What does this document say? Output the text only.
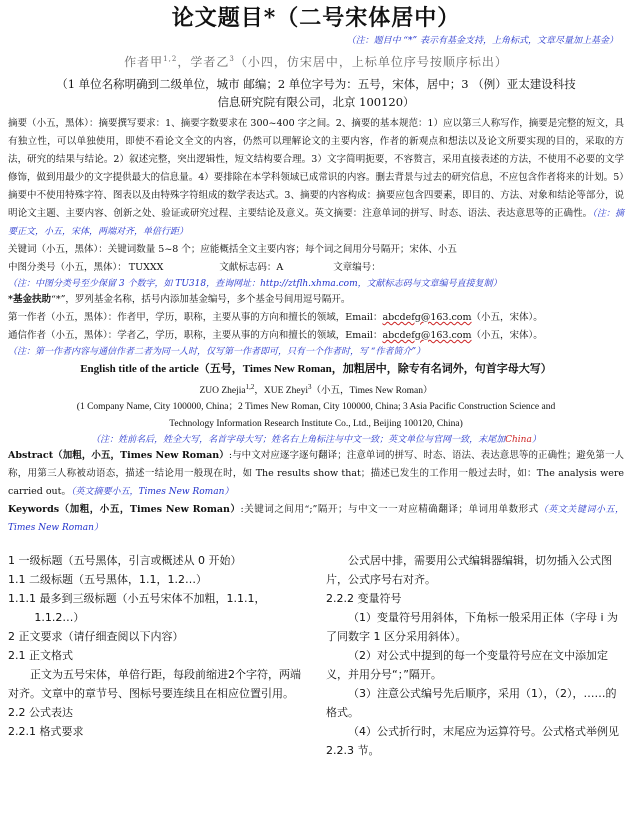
论文题目*（二号宋体居中）
（注：题目中 “*” 表示有基金支持，上角标式，文章尽量加上基金）
作者甲$^{1,2}$，学者乙$^3$（小四，仿宋居中，上标单位序号按顺序标出）
（1 单位名称明确到二级单位，城市 邮编；2 单位字号为：五号，宋体，居中；3 （例）亚太建设科技
信息研究院有限公司，北京 100120）
摘要（小五，黑体）：摘要撰写要求：1、摘要字数要求在 300~400 字之间。2、摘要的基本规范：1）应以第三人称写作，摘要是完整的短文，具有独立性，可以单独使用，即使不看论文全文的内容，仍然可以理解论文的主要内容，作者的新观点和想法以及论文所要实现的目的，采取的方法，研究的结果与结论。2）叙述完整，突出逻辑性，短文结构要合理。3）文字简明扼要，不容赘言，采用直接表述的方法，不使用不必要的文学修饰，做到用最少的文字提供最大的信息量。4）要排除在本学科领域已成常识的内容。删去背景与过去的研究信息，不应包含作者将来的计划。5）摘要中不使用特殊字符、图表以及由特殊字符组成的数学表达式。3、摘要的内容构成：摘要应包含四要素，即目的、方法、对象和结论等部分，说明论文主题、主要内容、创新之处、验证或研究过程、主要结论及意义。英文摘要：注意单词的拼写、时态、语法、表达意思等的正确性。（注：摘要正文，小五，宋体，两端对齐，单倍行距）
关键词（小五，黑体）：关键词数量 5~8 个；应能概括全文主要内容；每个词之间用分号隔开；宋体、小五
中图分类号（小五，黑体）： TUXXX	文献标志码： A	文章编号：
（注：中图分类号至少保留 3 个数字，如 TU318，查询网址：http://ztflh.xhma.com，文献标志码与文章编号直接复制）
*基金扶助“*”，罗列基金名称，括号内添加基金编号，多个基金号间用逗号隔开。
第一作者（小五，黑体）：作者甲，学历，职称，主要从事的方向和擅长的领域，Email：abcdefg@163.com（小五，宋体）。
通信作者（小五，黑体）：学者乙，学历，职称，主要从事的方向和擅长的领域，Email：abcdefg@163.com（小五，宋体）。
（注：第一作者内容与通信作者二者为同一人时，仅写第一作者即可，只有一个作者时，写 “作者简介”）
English title of the article（五号，Times New Roman，加粗居中，除专有名词外，句首字母大写）
ZUO Zhejia$^{1,2}$，XUE Zheyi$^3$（小五，Times New Roman）
(1 Company Name, City 100000, China；2 Times New Roman, City 100000, China; 3 Asia Pacific Construction Science and
Technology Information Research Institute Co., Ltd., Beijing 100120, China)
（注：姓前名后，姓全大写，名首字母大写；姓名右上角标注与中文一致；英文单位与官网一致，末尾加China）
Abstract（加粗，小五，Times New Roman）:与中文对应逐字逐句翻译；注意单词的拼写、时态、语法、表达意思等的正确性；避免第一人称，用第三人称被动语态，描述一结论用一般现在时，如 The results show that；描述已发生的工作用一般过去时，如：The analysis were carried out。（英文摘要小五，Times New Roman）
Keywords（加粗，小五，Times New Roman）:关键词之间用“;”隔开；与中文一一对应精确翻译；单词用单数形式（英文关键词小五，Times New Roman）
1 一级标题（五号黑体，引言或概述从 0 开始）
1.1 二级标题（五号黑体，1.1，1.2…）
1.1.1 最多到三级标题（小五号宋体不加粗，1.1.1，
1.1.2…）
2 正文要求（请仔细查阅以下内容）
2.1 正文格式
正文为五号宋体，单倍行距，每段前缩进2个字符，两端对齐。文章中的章节号、图标号要连续且在相应位置引用。
2.2 公式表达
2.2.1 格式要求
公式居中排，需要用公式编辑器编辑，切勿插入公式图片，公式序号右对齐。
2.2.2 变量符号
（1）变量符号用斜体，下角标一般采用正体（字母 i 为了同数字 1 区分采用斜体）。
（2）对公式中提到的每一个变量符号应在文中添加定义，并用分号“；”隔开。
（3）注意公式编号先后顺序，采用（1），（2），……的格式。
（4）公式折行时，末尾应为运算符号。公式格式举例见 2.2.3 节。
